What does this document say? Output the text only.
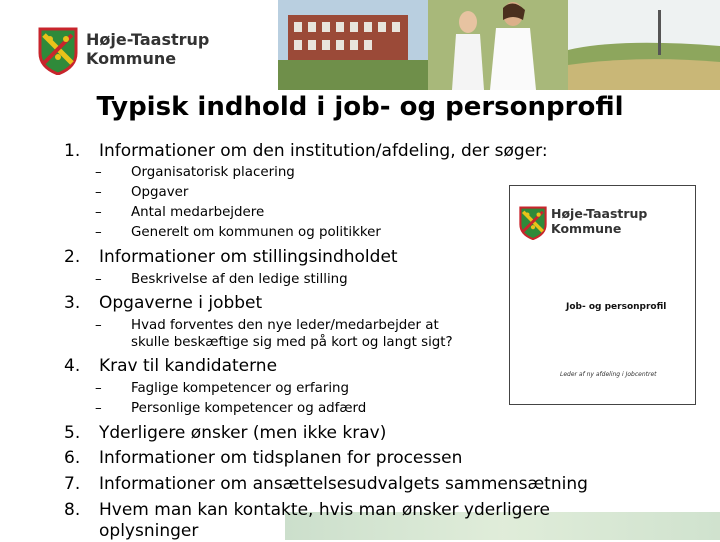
Høje-Taastrup
Kommune
Typisk indhold i job- og personprofil
1.	Informationer om den institution/afdeling, der søger:
– Organisatorisk placering
– Opgaver
– Antal medarbejdere
– Generelt om kommunen og politikker
2.	Informationer om stillingsindholdet
– Beskrivelse af den ledige stilling
3.	Opgaverne i jobbet
– Hvad forventes den nye leder/medarbejder at
skulle beskæftige sig med på kort og langt sigt?
4.	Krav til kandidaterne
– Faglige kompetencer og erfaring
– Personlige kompetencer og adfærd
5.	Yderligere ønsker (men ikke krav)
6.	Informationer om tidsplanen for processen
7.	Informationer om ansættelsesudvalgets sammensætning
8.	Hvem man kan kontakte, hvis man ønsker yderligere
oplysninger
Høje-Taastrup
Kommune
Job- og personprofil
Leder af ny afdeling i Jobcentret
